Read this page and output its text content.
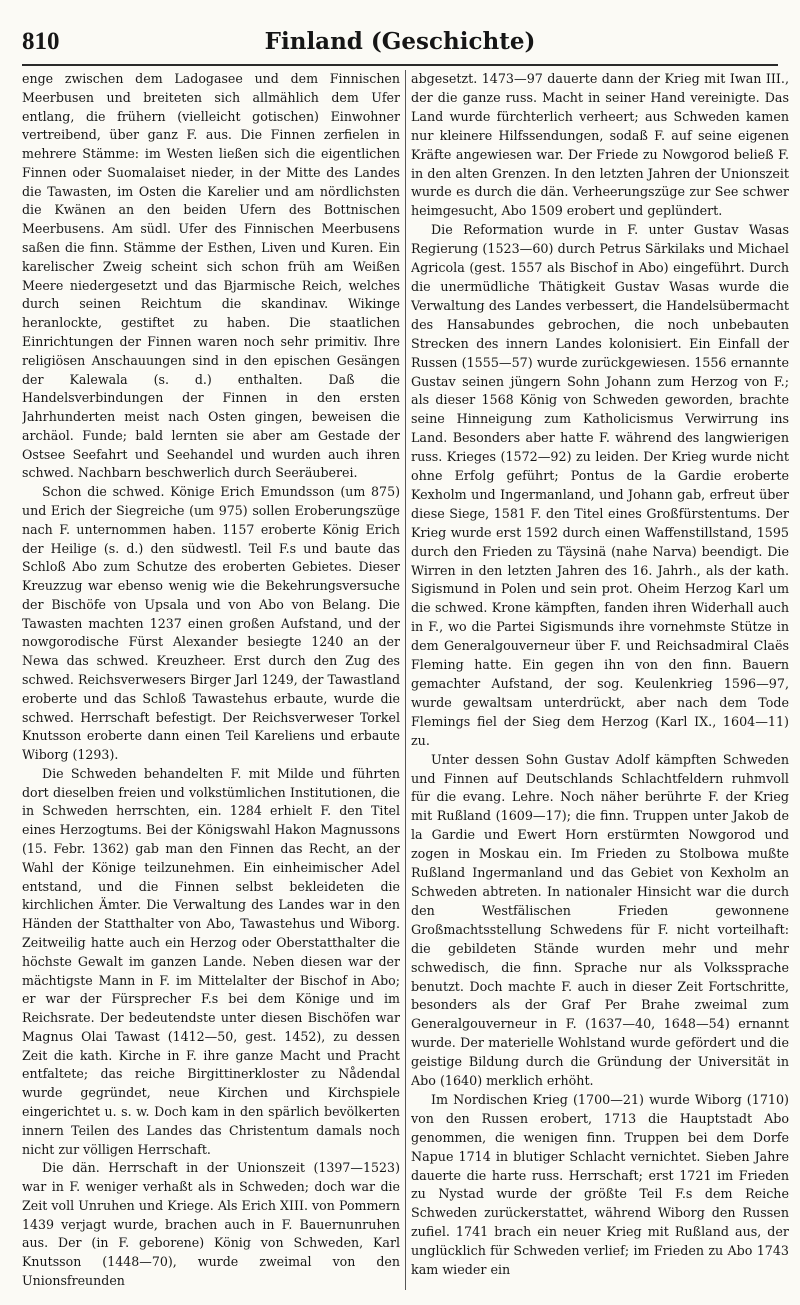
810	Finland (Geschichte)

enge zwischen dem Ladogasee und dem Finnischen Meerbusen und breiteten sich allmählich dem Ufer entlang, die frühern (vielleicht gotischen) Einwohner vertreibend, über ganz F. aus. Die Finnen zerfielen in mehrere Stämme: im Westen ließen sich die eigentlichen Finnen oder Suomalaiset nieder, in der Mitte des Landes die Tawasten, im Osten die Karelier und am nördlichsten die Kwänen an den beiden Ufern des Bottnischen Meerbusens. Am südl. Ufer des Finnischen Meerbusens saßen die finn. Stämme der Esthen, Liven und Kuren. Ein karelischer Zweig scheint sich schon früh am Weißen Meere niedergesetzt und das Bjarmische Reich, welches durch seinen Reichtum die skandinav. Wikinge heranlockte, gestiftet zu haben. Die staatlichen Einrichtungen der Finnen waren noch sehr primitiv. Ihre religiösen Anschauungen sind in den epischen Gesängen der Kalewala (s. d.) enthalten. Daß die Handelsverbindungen der Finnen in den ersten Jahrhunderten meist nach Osten gingen, beweisen die archäol. Funde; bald lernten sie aber am Gestade der Ostsee Seefahrt und Seehandel und wurden auch ihren schwed. Nachbarn beschwerlich durch Seeräuberei.

Schon die schwed. Könige Erich Emundsson (um 875) und Erich der Siegreiche (um 975) sollen Eroberungszüge nach F. unternommen haben. 1157 eroberte König Erich der Heilige (s. d.) den südwestl. Teil F.s und baute das Schloß Abo zum Schutze des eroberten Gebietes. Dieser Kreuzzug war ebenso wenig wie die Bekehrungsversuche der Bischöfe von Upsala und von Abo von Belang. Die Tawasten machten 1237 einen großen Aufstand, und der nowgorodische Fürst Alexander besiegte 1240 an der Newa das schwed. Kreuzheer. Erst durch den Zug des schwed. Reichsverwesers Birger Jarl 1249, der Tawastland eroberte und das Schloß Tawastehus erbaute, wurde die schwed. Herrschaft befestigt. Der Reichsverweser Torkel Knutsson eroberte dann einen Teil Kareliens und erbaute Wiborg (1293).

Die Schweden behandelten F. mit Milde und führten dort dieselben freien und volkstümlichen Institutionen, die in Schweden herrschten, ein. 1284 erhielt F. den Titel eines Herzogtums. Bei der Königswahl Hakon Magnussons (15. Febr. 1362) gab man den Finnen das Recht, an der Wahl der Könige teilzunehmen. Ein einheimischer Adel entstand, und die Finnen selbst bekleideten die kirchlichen Ämter. Die Verwaltung des Landes war in den Händen der Statthalter von Abo, Tawastehus und Wiborg. Zeitweilig hatte auch ein Herzog oder Oberstatthalter die höchste Gewalt im ganzen Lande. Neben diesen war der mächtigste Mann in F. im Mittelalter der Bischof in Abo; er war der Fürsprecher F.s bei dem Könige und im Reichsrate. Der bedeutendste unter diesen Bischöfen war Magnus Olai Tawast (1412—50, gest. 1452), zu dessen Zeit die kath. Kirche in F. ihre ganze Macht und Pracht entfaltete; das reiche Birgittinerkloster zu Nådendal wurde gegründet, neue Kirchen und Kirchspiele eingerichtet u. s. w. Doch kam in den spärlich bevölkerten innern Teilen des Landes das Christentum damals noch nicht zur völligen Herrschaft.

Die dän. Herrschaft in der Unionszeit (1397—1523) war in F. weniger verhaßt als in Schweden; doch war die Zeit voll Unruhen und Kriege. Als Erich XIII. von Pommern 1439 verjagt wurde, brachen auch in F. Bauernunruhen aus. Der (in F. geborene) König von Schweden, Karl Knutsson (1448—70), wurde zweimal von den Unionsfreunden

abgesetzt. 1473—97 dauerte dann der Krieg mit Iwan III., der die ganze russ. Macht in seiner Hand vereinigte. Das Land wurde fürchterlich verheert; aus Schweden kamen nur kleinere Hilfssendungen, sodaß F. auf seine eigenen Kräfte angewiesen war. Der Friede zu Nowgorod beließ F. in den alten Grenzen. In den letzten Jahren der Unionszeit wurde es durch die dän. Verheerungszüge zur See schwer heimgesucht, Abo 1509 erobert und geplündert.

Die Reformation wurde in F. unter Gustav Wasas Regierung (1523—60) durch Petrus Särkilaks und Michael Agricola (gest. 1557 als Bischof in Abo) eingeführt. Durch die unermüdliche Thätigkeit Gustav Wasas wurde die Verwaltung des Landes verbessert, die Handelsübermacht des Hansabundes gebrochen, die noch unbebauten Strecken des innern Landes kolonisiert. Ein Einfall der Russen (1555—57) wurde zurückgewiesen. 1556 ernannte Gustav seinen jüngern Sohn Johann zum Herzog von F.; als dieser 1568 König von Schweden geworden, brachte seine Hinneigung zum Katholicismus Verwirrung ins Land. Besonders aber hatte F. während des langwierigen russ. Krieges (1572—92) zu leiden. Der Krieg wurde nicht ohne Erfolg geführt; Pontus de la Gardie eroberte Kexholm und Ingermanland, und Johann gab, erfreut über diese Siege, 1581 F. den Titel eines Großfürstentums. Der Krieg wurde erst 1592 durch einen Waffenstillstand, 1595 durch den Frieden zu Täysinä (nahe Narva) beendigt. Die Wirren in den letzten Jahren des 16. Jahrh., als der kath. Sigismund in Polen und sein prot. Oheim Herzog Karl um die schwed. Krone kämpften, fanden ihren Widerhall auch in F., wo die Partei Sigismunds ihre vornehmste Stütze in dem Generalgouverneur über F. und Reichsadmiral Claës Fleming hatte. Ein gegen ihn von den finn. Bauern gemachter Aufstand, der sog. Keulenkrieg 1596—97, wurde gewaltsam unterdrückt, aber nach dem Tode Flemings fiel der Sieg dem Herzog (Karl IX., 1604—11) zu.

Unter dessen Sohn Gustav Adolf kämpften Schweden und Finnen auf Deutschlands Schlachtfeldern ruhmvoll für die evang. Lehre. Noch näher berührte F. der Krieg mit Rußland (1609—17); die finn. Truppen unter Jakob de la Gardie und Ewert Horn erstürmten Nowgorod und zogen in Moskau ein. Im Frieden zu Stolbowa mußte Rußland Ingermanland und das Gebiet von Kexholm an Schweden abtreten. In nationaler Hinsicht war die durch den Westfälischen Frieden gewonnene Großmachtsstellung Schwedens für F. nicht vorteilhaft: die gebildeten Stände wurden mehr und mehr schwedisch, die finn. Sprache nur als Volkssprache benutzt. Doch machte F. auch in dieser Zeit Fortschritte, besonders als der Graf Per Brahe zweimal zum Generalgouverneur in F. (1637—40, 1648—54) ernannt wurde. Der materielle Wohlstand wurde gefördert und die geistige Bildung durch die Gründung der Universität in Abo (1640) merklich erhöht.

Im Nordischen Krieg (1700—21) wurde Wiborg (1710) von den Russen erobert, 1713 die Hauptstadt Abo genommen, die wenigen finn. Truppen bei dem Dorfe Napue 1714 in blutiger Schlacht vernichtet. Sieben Jahre dauerte die harte russ. Herrschaft; erst 1721 im Frieden zu Nystad wurde der größte Teil F.s dem Reiche Schweden zurückerstattet, während Wiborg den Russen zufiel. 1741 brach ein neuer Krieg mit Rußland aus, der unglücklich für Schweden verlief; im Frieden zu Abo 1743 kam wieder ein
